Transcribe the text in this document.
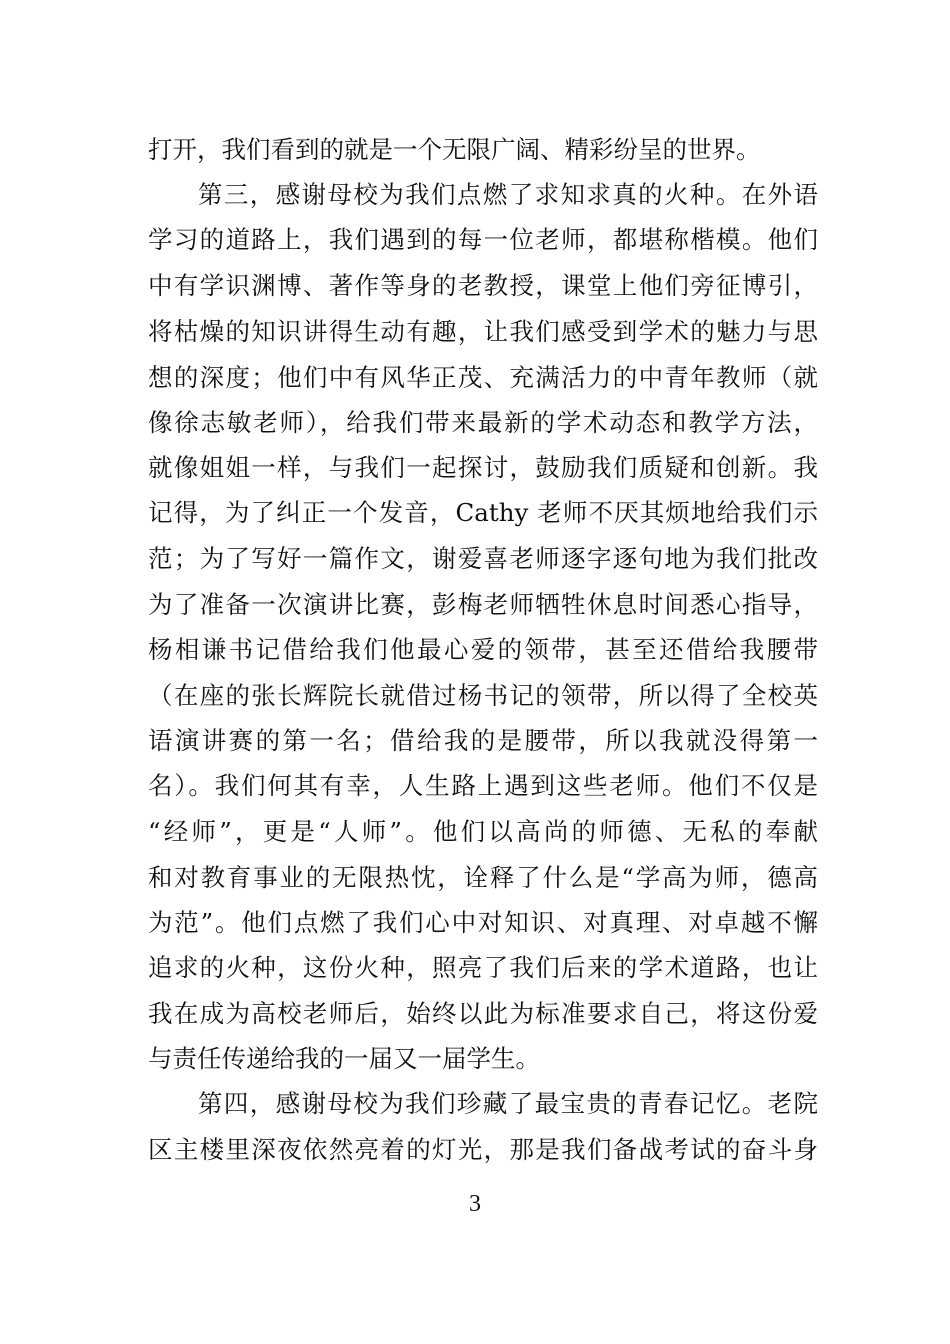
打开，我们看到的就是一个无限广阔、精彩纷呈的世界。
第三，感谢母校为我们点燃了求知求真的火种。在外语
学习的道路上，我们遇到的每一位老师，都堪称楷模。他们
中有学识渊博、著作等身的老教授，课堂上他们旁征博引，
将枯燥的知识讲得生动有趣，让我们感受到学术的魅力与思
想的深度；他们中有风华正茂、充满活力的中青年教师（就
像徐志敏老师），给我们带来最新的学术动态和教学方法，
就像姐姐一样，与我们一起探讨，鼓励我们质疑和创新。我
记得，为了纠正一个发音，Cathy 老师不厌其烦地给我们示
范；为了写好一篇作文，谢爱喜老师逐字逐句地为我们批改
为了准备一次演讲比赛，彭梅老师牺牲休息时间悉心指导，
杨相谦书记借给我们他最心爱的领带，甚至还借给我腰带
（在座的张长辉院长就借过杨书记的领带，所以得了全校英
语演讲赛的第一名；借给我的是腰带，所以我就没得第一
名）。我们何其有幸，人生路上遇到这些老师。他们不仅是
“经师”，更是“人师”。他们以高尚的师德、无私的奉献
和对教育事业的无限热忱，诠释了什么是“学高为师，德高
为范”。他们点燃了我们心中对知识、对真理、对卓越不懈
追求的火种，这份火种，照亮了我们后来的学术道路，也让
我在成为高校老师后，始终以此为标准要求自己，将这份爱
与责任传递给我的一届又一届学生。
第四，感谢母校为我们珍藏了最宝贵的青春记忆。老院
区主楼里深夜依然亮着的灯光，那是我们备战考试的奋斗身
3
